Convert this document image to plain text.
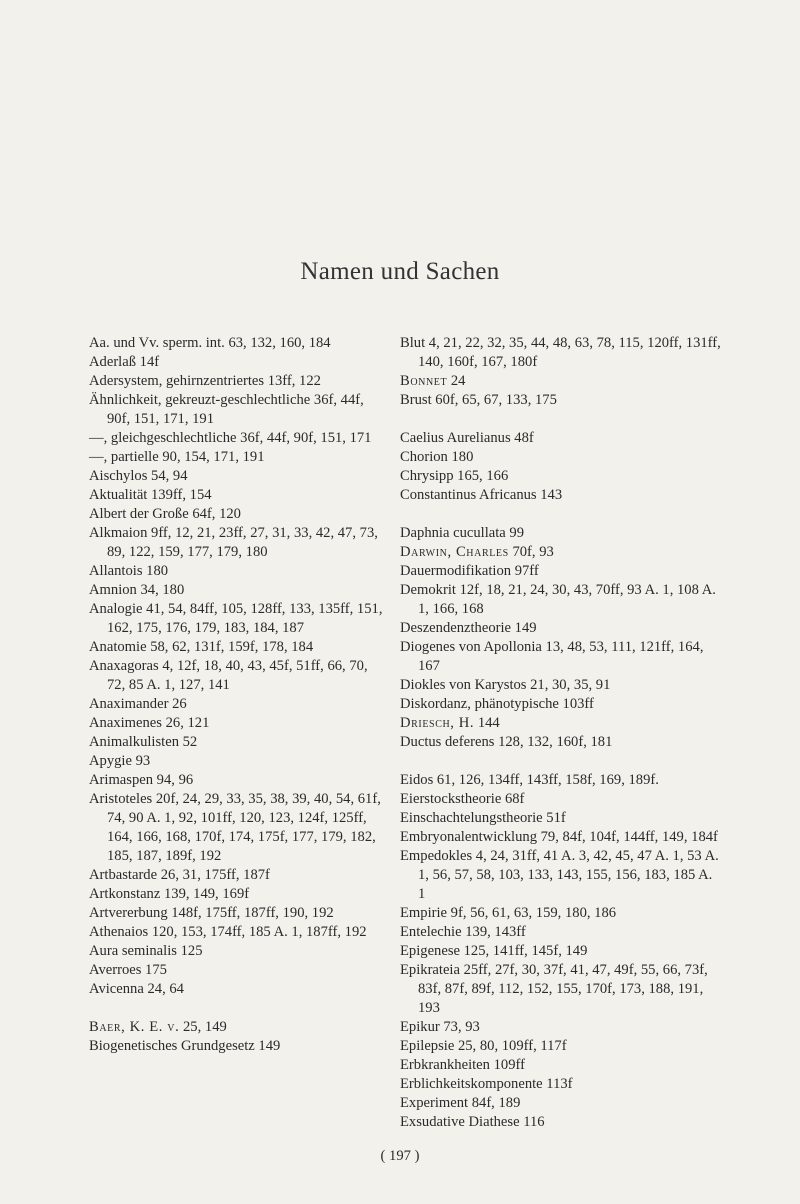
Namen und Sachen

Aa. und Vv. sperm. int. 63, 132, 160, 184

Aderlaß 14f

Adersystem, gehirnzentriertes 13ff, 122

Ähnlichkeit, gekreuzt-geschlechtliche 36f, 44f, 90f, 151, 171, 191

—, gleichgeschlechtliche 36f, 44f, 90f, 151, 171

—, partielle 90, 154, 171, 191

Aischylos 54, 94

Aktualität 139ff, 154

Albert der Große 64f, 120

Alkmaion 9ff, 12, 21, 23ff, 27, 31, 33, 42, 47, 73, 89, 122, 159, 177, 179, 180

Allantois 180

Amnion 34, 180

Analogie 41, 54, 84ff, 105, 128ff, 133, 135ff, 151, 162, 175, 176, 179, 183, 184, 187

Anatomie 58, 62, 131f, 159f, 178, 184

Anaxagoras 4, 12f, 18, 40, 43, 45f, 51ff, 66, 70, 72, 85 A. 1, 127, 141

Anaximander 26

Anaximenes 26, 121

Animalkulisten 52

Apygie 93

Arimaspen 94, 96

Aristoteles 20f, 24, 29, 33, 35, 38, 39, 40, 54, 61f, 74, 90 A. 1, 92, 101ff, 120, 123, 124f, 125ff, 164, 166, 168, 170f, 174, 175f, 177, 179, 182, 185, 187, 189f, 192

Artbastarde 26, 31, 175ff, 187f

Artkonstanz 139, 149, 169f

Artvererbung 148f, 175ff, 187ff, 190, 192

Athenaios 120, 153, 174ff, 185 A. 1, 187ff, 192

Aura seminalis 125

Averroes 175

Avicenna 24, 64

Baer, K. E. v. 25, 149

Biogenetisches Grundgesetz 149

Blut 4, 21, 22, 32, 35, 44, 48, 63, 78, 115, 120ff, 131ff, 140, 160f, 167, 180f

Bonnet 24

Brust 60f, 65, 67, 133, 175

Caelius Aurelianus 48f

Chorion 180

Chrysipp 165, 166

Constantinus Africanus 143

Daphnia cucullata 99

Darwin, Charles 70f, 93

Dauermodifikation 97ff

Demokrit 12f, 18, 21, 24, 30, 43, 70ff, 93 A. 1, 108 A. 1, 166, 168

Deszendenztheorie 149

Diogenes von Apollonia 13, 48, 53, 111, 121ff, 164, 167

Diokles von Karystos 21, 30, 35, 91

Diskordanz, phänotypische 103ff

Driesch, H. 144

Ductus deferens 128, 132, 160f, 181

Eidos 61, 126, 134ff, 143ff, 158f, 169, 189f.

Eierstockstheorie 68f

Einschachtelungstheorie 51f

Embryonalentwicklung 79, 84f, 104f, 144ff, 149, 184f

Empedokles 4, 24, 31ff, 41 A. 3, 42, 45, 47 A. 1, 53 A. 1, 56, 57, 58, 103, 133, 143, 155, 156, 183, 185 A. 1

Empirie 9f, 56, 61, 63, 159, 180, 186

Entelechie 139, 143ff

Epigenese 125, 141ff, 145f, 149

Epikrateia 25ff, 27f, 30, 37f, 41, 47, 49f, 55, 66, 73f, 83f, 87f, 89f, 112, 152, 155, 170f, 173, 188, 191, 193

Epikur 73, 93

Epilepsie 25, 80, 109ff, 117f

Erbkrankheiten 109ff

Erblichkeitskomponente 113f

Experiment 84f, 189

Exsudative Diathese 116

( 197 )
